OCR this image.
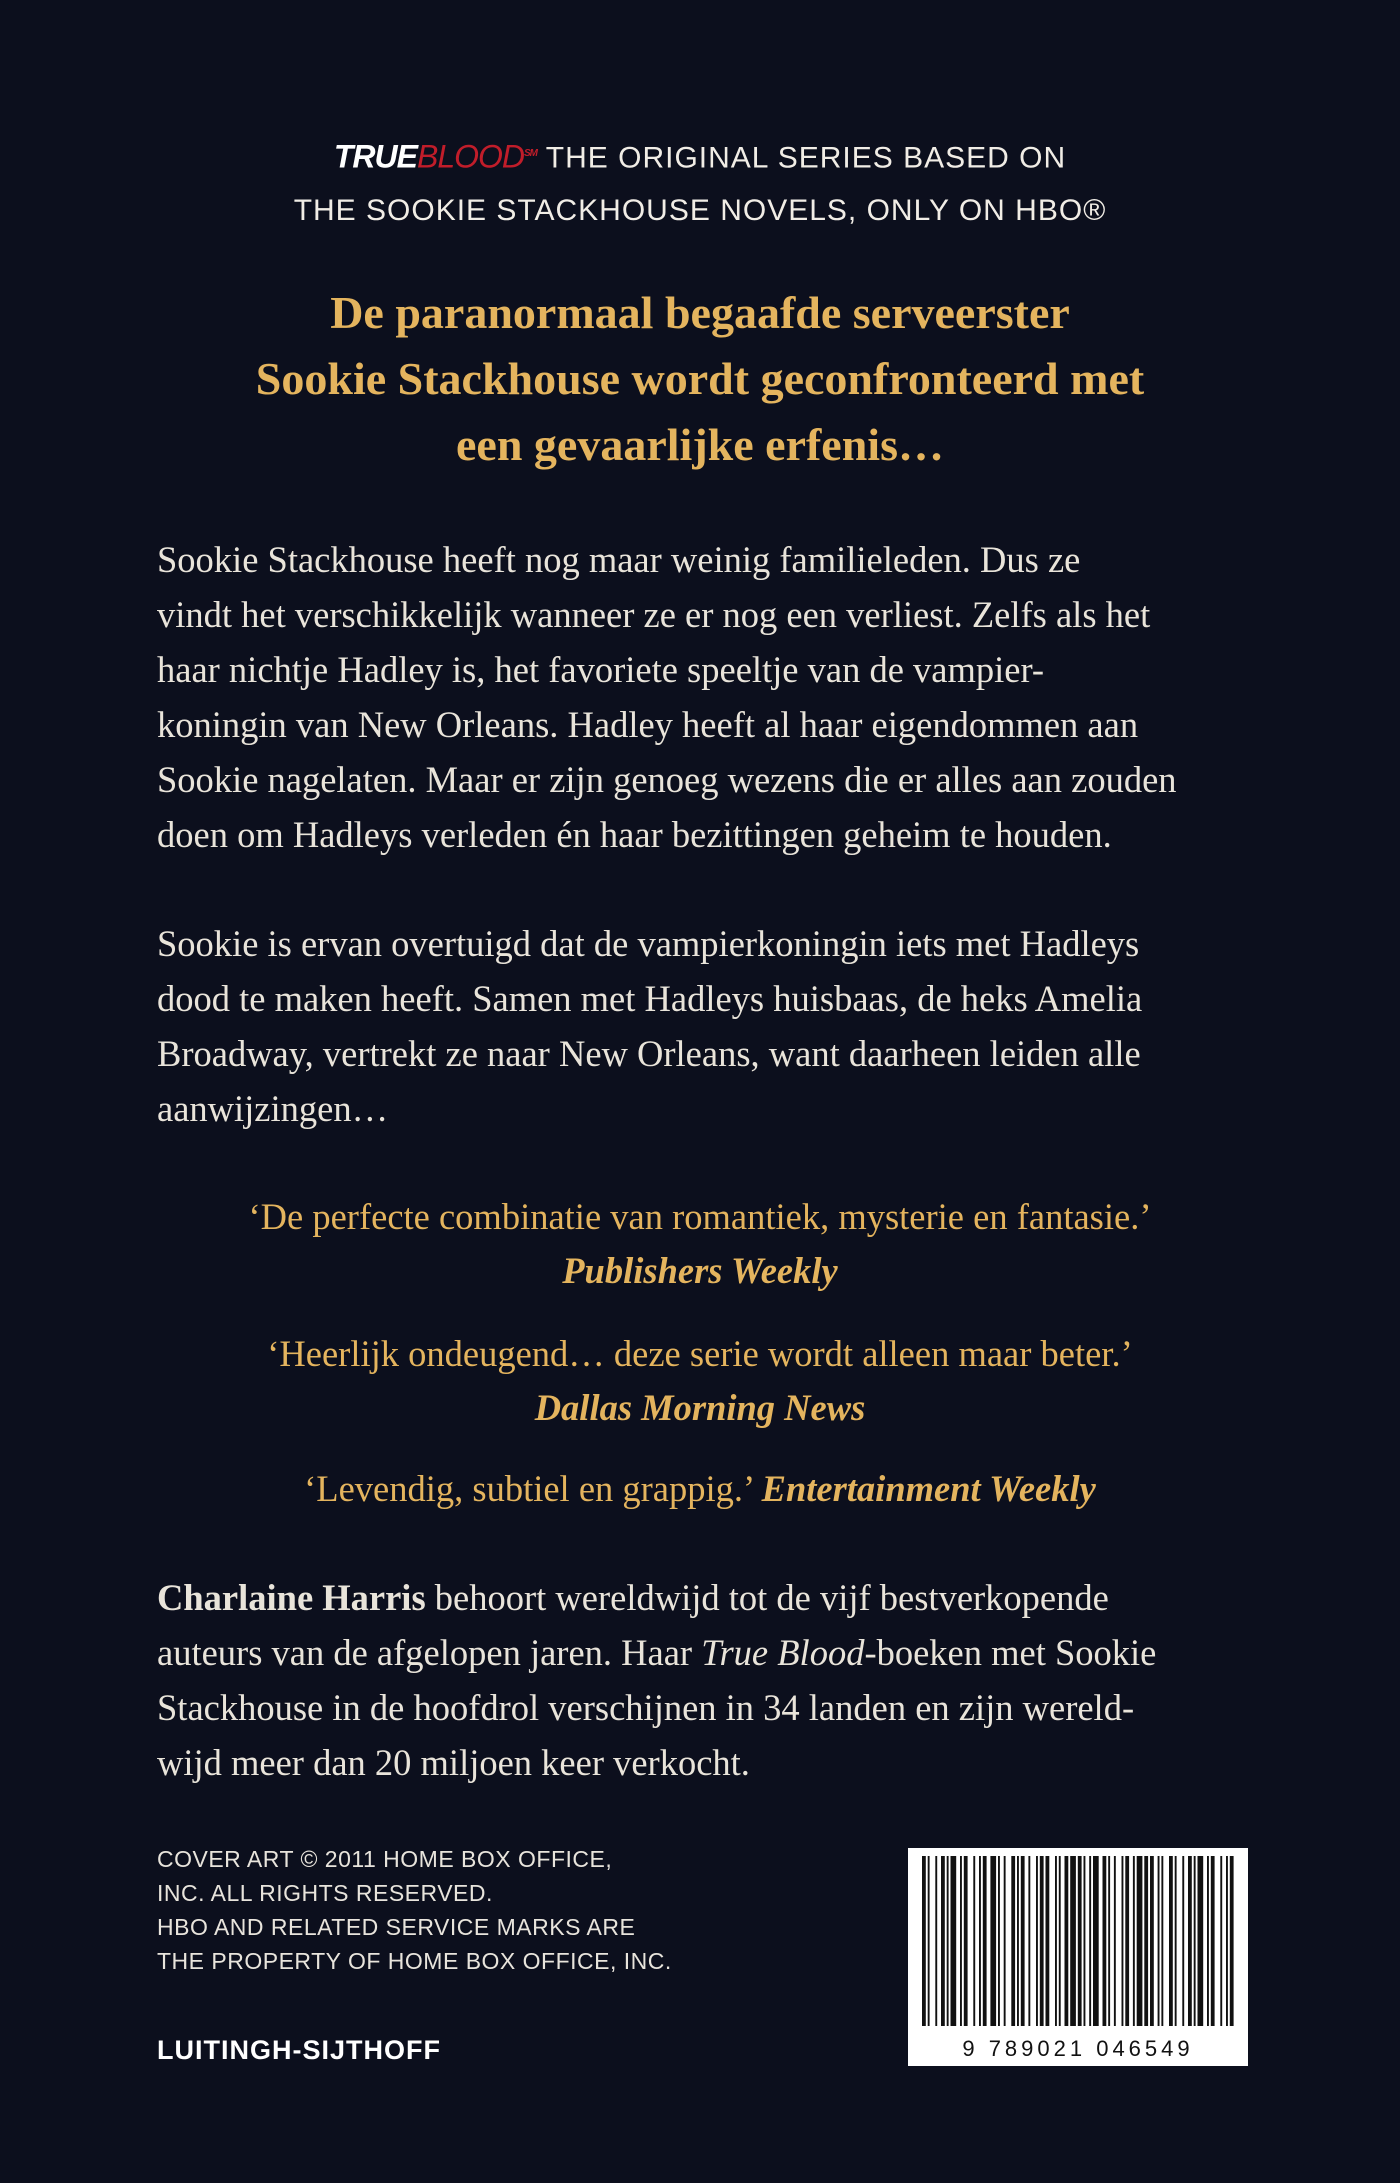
TRUEBLOOD℠ THE ORIGINAL SERIES BASED ON
THE SOOKIE STACKHOUSE NOVELS, ONLY ON HBO®
De paranormaal begaafde serveerster
Sookie Stackhouse wordt geconfronteerd met
een gevaarlijke erfenis…

Sookie Stackhouse heeft nog maar weinig familieleden. Dus ze

vindt het verschikkelijk wanneer ze er nog een verliest. Zelfs als het

haar nichtje Hadley is, het favoriete speeltje van de vampier-

koningin van New Orleans. Hadley heeft al haar eigendommen aan

Sookie nagelaten. Maar er zijn genoeg wezens die er alles aan zouden

doen om Hadleys verleden én haar bezittingen geheim te houden.

Sookie is ervan overtuigd dat de vampierkoningin iets met Hadleys

dood te maken heeft. Samen met Hadleys huisbaas, de heks Amelia

Broadway, vertrekt ze naar New Orleans, want daarheen leiden alle

aanwijzingen…

‘De perfecte combinatie van romantiek, mysterie en fantasie.’
Publishers Weekly
‘Heerlijk ondeugend… deze serie wordt alleen maar beter.’
Dallas Morning News
‘Levendig, subtiel en grappig.’ Entertainment Weekly

Charlaine Harris behoort wereldwijd tot de vijf bestverkopende

auteurs van de afgelopen jaren. Haar True Blood-boeken met Sookie

Stackhouse in de hoofdrol verschijnen in 34 landen en zijn wereld-

wijd meer dan 20 miljoen keer verkocht.

COVER ART © 2011 HOME BOX OFFICE,
INC. ALL RIGHTS RESERVED.
HBO AND RELATED SERVICE MARKS ARE
THE PROPERTY OF HOME BOX OFFICE, INC.
LUITINGH-SIJTHOFF	9 789021 046549
